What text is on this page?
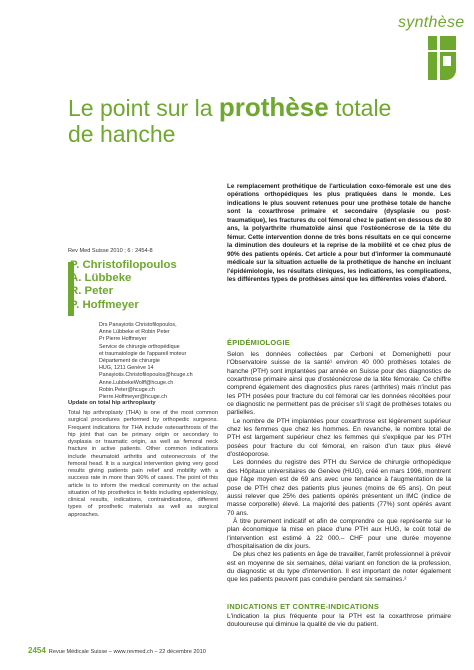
synthèse
Le point sur la prothèse totale
de hanche
Rev Med Suisse 2010 ; 6 : 2454-8
P. Christofilopoulos
A. Lübbeke
R. Peter
P. Hoffmeyer

Drs Panayiotis Christofilopoulos,

Anne Lübbeke et Robin Peter

Pr Pierre Hoffmeyer

Service de chirurgie orthopédique

et traumatologie de l'appareil moteur

Département de chirurgie

HUG, 1211 Genève 14

Panayiotis.Christofilopoulos@hcuge.ch

Anne.LubbekeWolff@hcuge.ch

Robin.Peter@hcuge.ch

Pierre.Hoffmeyer@hcuge.ch

Update on total hip arthroplasty

Total hip arthroplasty (THA) is one of the most common surgical procedures performed by orthopedic surgeons. Frequent indications for THA include osteoarthrosis of the hip joint that can be primary origin or secondary to dysplasia or traumatic origin, as well as femoral neck fracture in active patients. Other common indications include rheumatoid arthritis and osteonecrosis of the femoral head. It is a surgical intervention giving very good results giving patients pain relief and mobility with a success rate in more than 90% of cases. The point of this article is to inform the medical community on the actual situation of hip prosthetics in fields including epidemiology, clinical results, indications, contraindications, different types of prosthetic materials as well as surgical approaches.

Le remplacement prothétique de l'articulation coxo-fémorale est une des opérations orthopédiques les plus pratiquées dans le monde. Les indications le plus souvent retenues pour une prothèse totale de hanche sont la coxarthrose primaire et secondaire (dysplasie ou post-traumatique), les fractures du col fémoral chez le patient en dessous de 80 ans, la polyarthrite rhumatoïde ainsi que l'ostéonécrose de la tête du fémur. Cette intervention donne de très bons résultats en ce qui concerne la diminution des douleurs et la reprise de la mobilité et ce chez plus de 90% des patients opérés. Cet article a pour but d'informer la communauté médicale sur la situation actuelle de la prothétique de hanche en incluant l'épidémiologie, les résultats cliniques, les indications, les complications, les différentes types de prothèses ainsi que les différentes voies d'abord.

ÉPIDÉMIOLOGIE

Selon les données collectées par Cerboni et Domenighetti pour l'Observatoire suisse de la santé¹ environ 40 000 prothèses totales de hanche (PTH) sont implantées par année en Suisse pour des diagnostics de coxarthrose primaire ainsi que d'ostéonécrose de la tête fémorale. Ce chiffre comprend également des diagnostics plus rares (arthrites) mais n'inclut pas les PTH posées pour fracture du col fémoral car les données récoltées pour ce diagnostic ne permettent pas de préciser s'il s'agit de prothèses totales ou partielles.

Le nombre de PTH implantées pour coxarthrose est légèrement supérieur chez les femmes que chez les hommes. En revanche, le nombre total de PTH est largement supérieur chez les femmes qui s'explique par les PTH posées pour fracture du col fémoral, en raison d'un taux plus élevé d'ostéoporose.

Les données du registre des PTH du Service de chirurgie orthopédique des Hôpitaux universitaires de Genève (HUG), créé en mars 1996, montrent que l'âge moyen est de 69 ans avec une tendance à l'augmentation de la pose de PTH chez des patients plus jeunes (moins de 65 ans). On peut aussi relever que 25% des patients opérés présentent un IMC (indice de masse corporelle) élevé. La majorité des patients (77%) sont opérés avant 70 ans.

À titre purement indicatif et afin de comprendre ce que représente sur le plan économique la mise en place d'une PTH aux HUG, le coût total de l'intervention est estimé à 22 000.– CHF pour une durée moyenne d'hospitalisation de dix jours.

De plus chez les patients en âge de travailler, l'arrêt professionnel à prévoir est en moyenne de six semaines, délai variant en fonction de la profession, du diagnostic et du type d'intervention. Il est important de noter également que les patients peuvent pas conduire pendant six semaines.²

INDICATIONS ET CONTRE-INDICATIONS

L'indication la plus fréquente pour la PTH est la coxarthrose primaire douloureuse qui diminue la qualité de vie du patient.

2454 Revue Médicale Suisse – www.revmed.ch – 22 décembre 2010
